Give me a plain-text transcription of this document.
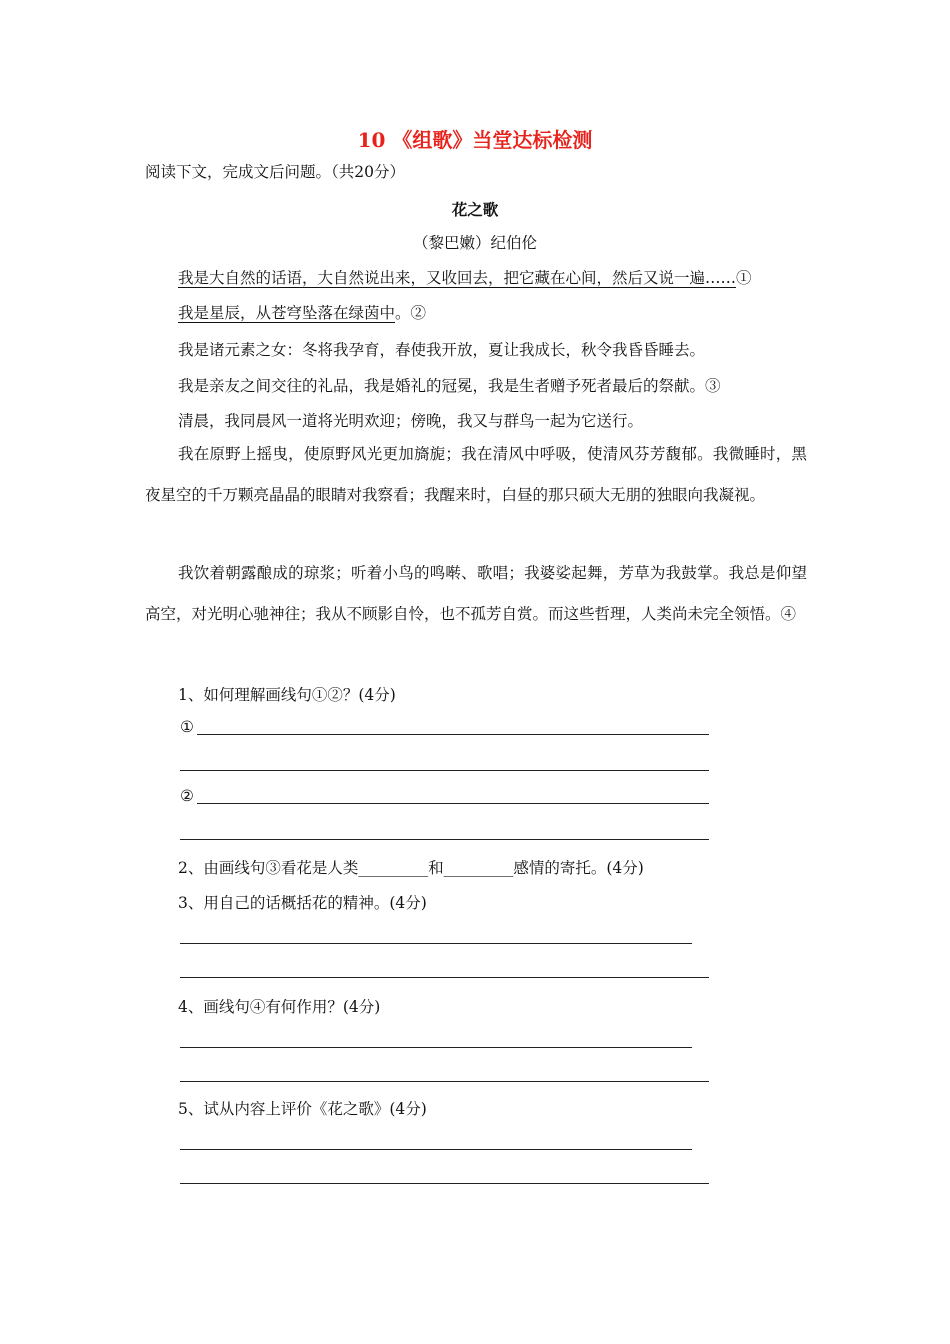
10 《组歌》当堂达标检测
阅读下文，完成文后问题。（共20分）
花之歌
（黎巴嫩）纪伯伦
我是大自然的话语，大自然说出来，又收回去，把它藏在心间，然后又说一遍……①
我是星辰，从苍穹坠落在绿茵中。②
我是诸元素之女：冬将我孕育，春使我开放，夏让我成长，秋令我昏昏睡去。
我是亲友之间交往的礼品，我是婚礼的冠冕，我是生者赠予死者最后的祭献。③
清晨，我同晨风一道将光明欢迎；傍晚，我又与群鸟一起为它送行。
我在原野上摇曳，使原野风光更加旖旎；我在清风中呼吸，使清风芬芳馥郁。我微睡时，黑夜星空的千万颗亮晶晶的眼睛对我察看；我醒来时，白昼的那只硕大无朋的独眼向我凝视。
我饮着朝露酿成的琼浆；听着小鸟的鸣啭、歌唱；我婆娑起舞，芳草为我鼓掌。我总是仰望高空，对光明心驰神往；我从不顾影自怜，也不孤芳自赏。而这些哲理，人类尚未完全领悟。④
1、如何理解画线句①②？(4分)
①
②
2、由画线句③看花是人类_________和_________感情的寄托。(4分)
3、用自己的话概括花的精神。(4分)
4、画线句④有何作用？(4分)
5、试从内容上评价《花之歌》(4分)
